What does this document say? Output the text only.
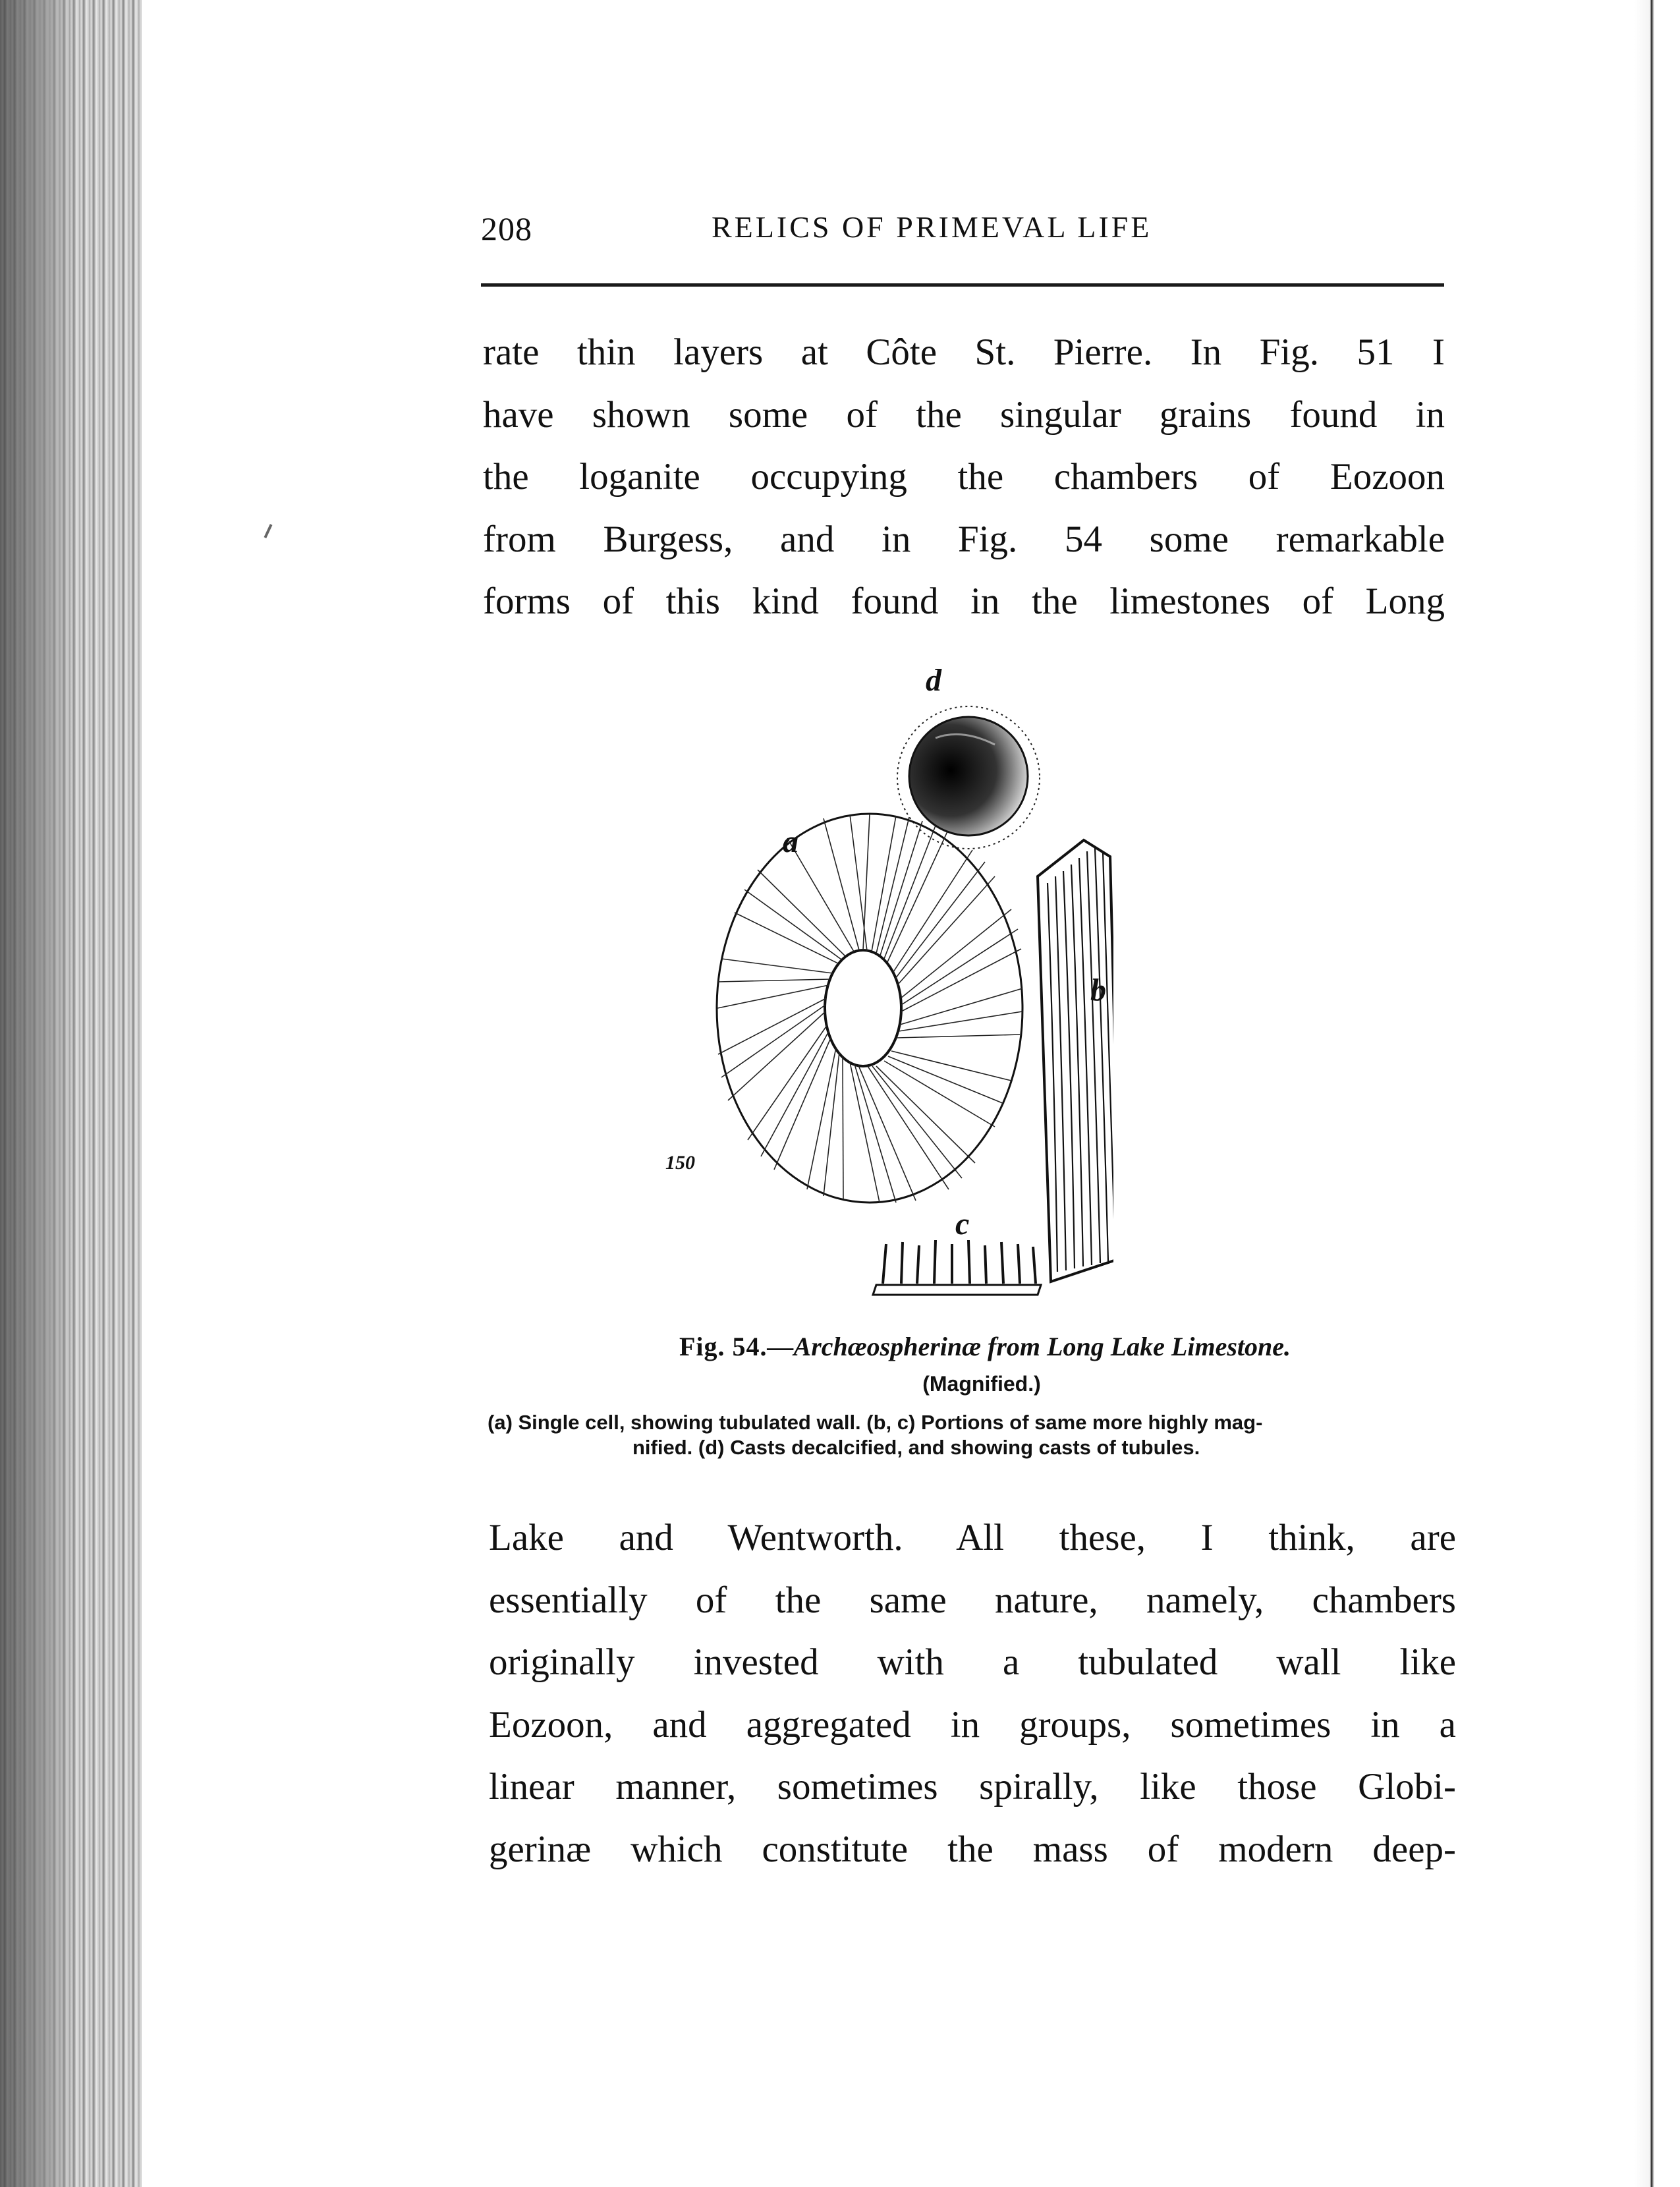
208	RELICS OF PRIMEVAL LIFE
rate thin layers at Côte St. Pierre. In Fig. 51 I
have shown some of the singular grains found in
the loganite occupying the chambers of Eozoon
from Burgess, and in Fig. 54 some remarkable
forms of this kind found in the limestones of Long
d
a
b
c
150
Fig. 54.—Archæospherinæ from Long Lake Limestone.
(Magnified.)
(a) Single cell, showing tubulated wall. (b, c) Portions of same more highly mag-
nified. (d) Casts decalcified, and showing casts of tubules.
Lake and Wentworth. All these, I think, are
essentially of the same nature, namely, chambers
originally invested with a tubulated wall like
Eozoon, and aggregated in groups, sometimes in a
linear manner, sometimes spirally, like those Globi-
gerinæ which constitute the mass of modern deep-
